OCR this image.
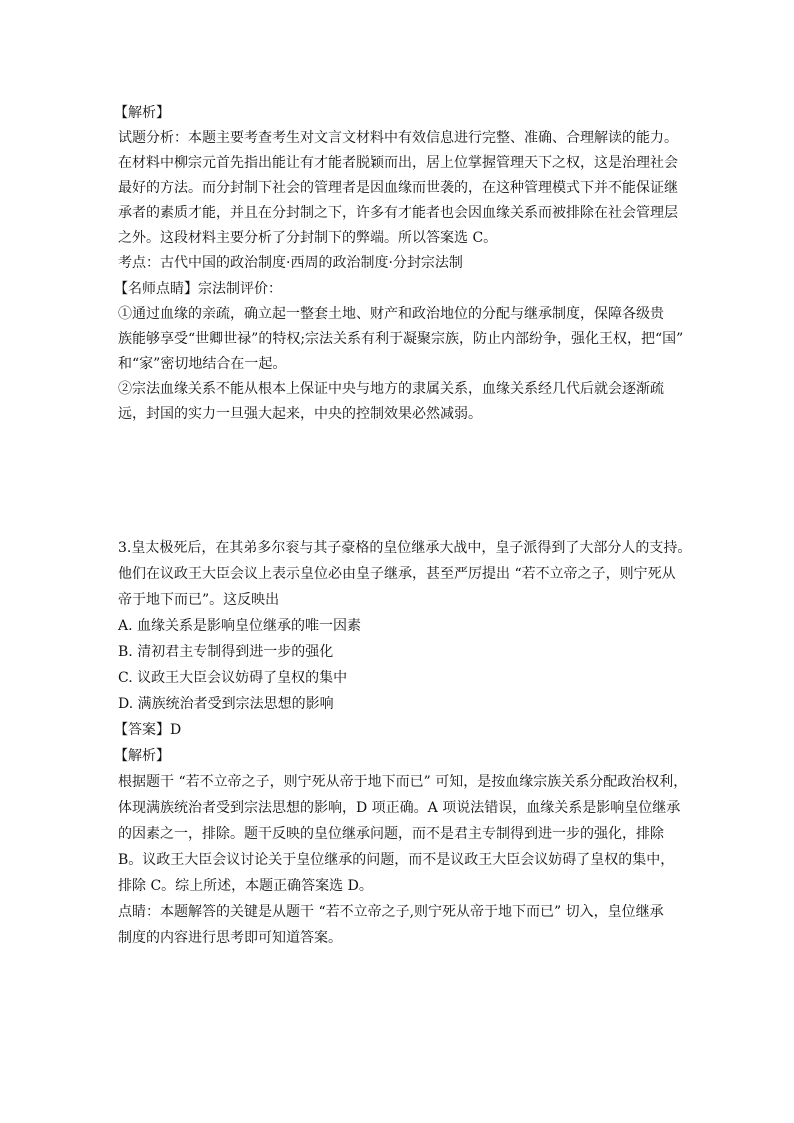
【解析】
试题分析：本题主要考查考生对文言文材料中有效信息进行完整、准确、合理解读的能力。
在材料中柳宗元首先指出能让有才能者脱颖而出，居上位掌握管理天下之权，这是治理社会
最好的方法。而分封制下社会的管理者是因血缘而世袭的，在这种管理模式下并不能保证继
承者的素质才能，并且在分封制之下，许多有才能者也会因血缘关系而被排除在社会管理层
之外。这段材料主要分析了分封制下的弊端。所以答案选 C。
考点：古代中国的政治制度·西周的政治制度·分封宗法制
【名师点睛】宗法制评价：
①通过血缘的亲疏，确立起一整套土地、财产和政治地位的分配与继承制度，保障各级贵
族能够享受“世卿世禄”的特权;宗法关系有利于凝聚宗族，防止内部纷争，强化王权，把“国”
和“家”密切地结合在一起。
②宗法血缘关系不能从根本上保证中央与地方的隶属关系，血缘关系经几代后就会逐渐疏
远，封国的实力一旦强大起来，中央的控制效果必然减弱。
3.皇太极死后，在其弟多尔衮与其子豪格的皇位继承大战中，皇子派得到了大部分人的支持。
他们在议政王大臣会议上表示皇位必由皇子继承，甚至严厉提出 “若不立帝之子，则宁死从
帝于地下而已”。这反映出
A. 血缘关系是影响皇位继承的唯一因素
B. 清初君主专制得到进一步的强化
C. 议政王大臣会议妨碍了皇权的集中
D. 满族统治者受到宗法思想的影响
【答案】D
【解析】
根据题干 “若不立帝之子，则宁死从帝于地下而已” 可知，是按血缘宗族关系分配政治权利，
体现满族统治者受到宗法思想的影响，D 项正确。A 项说法错误，血缘关系是影响皇位继承
的因素之一，排除。题干反映的皇位继承问题，而不是君主专制得到进一步的强化，排除
B。议政王大臣会议讨论关于皇位继承的问题，而不是议政王大臣会议妨碍了皇权的集中，
排除 C。综上所述，本题正确答案选 D。
点睛：本题解答的关键是从题干 “若不立帝之子,则宁死从帝于地下而已” 切入，皇位继承
制度的内容进行思考即可知道答案。
